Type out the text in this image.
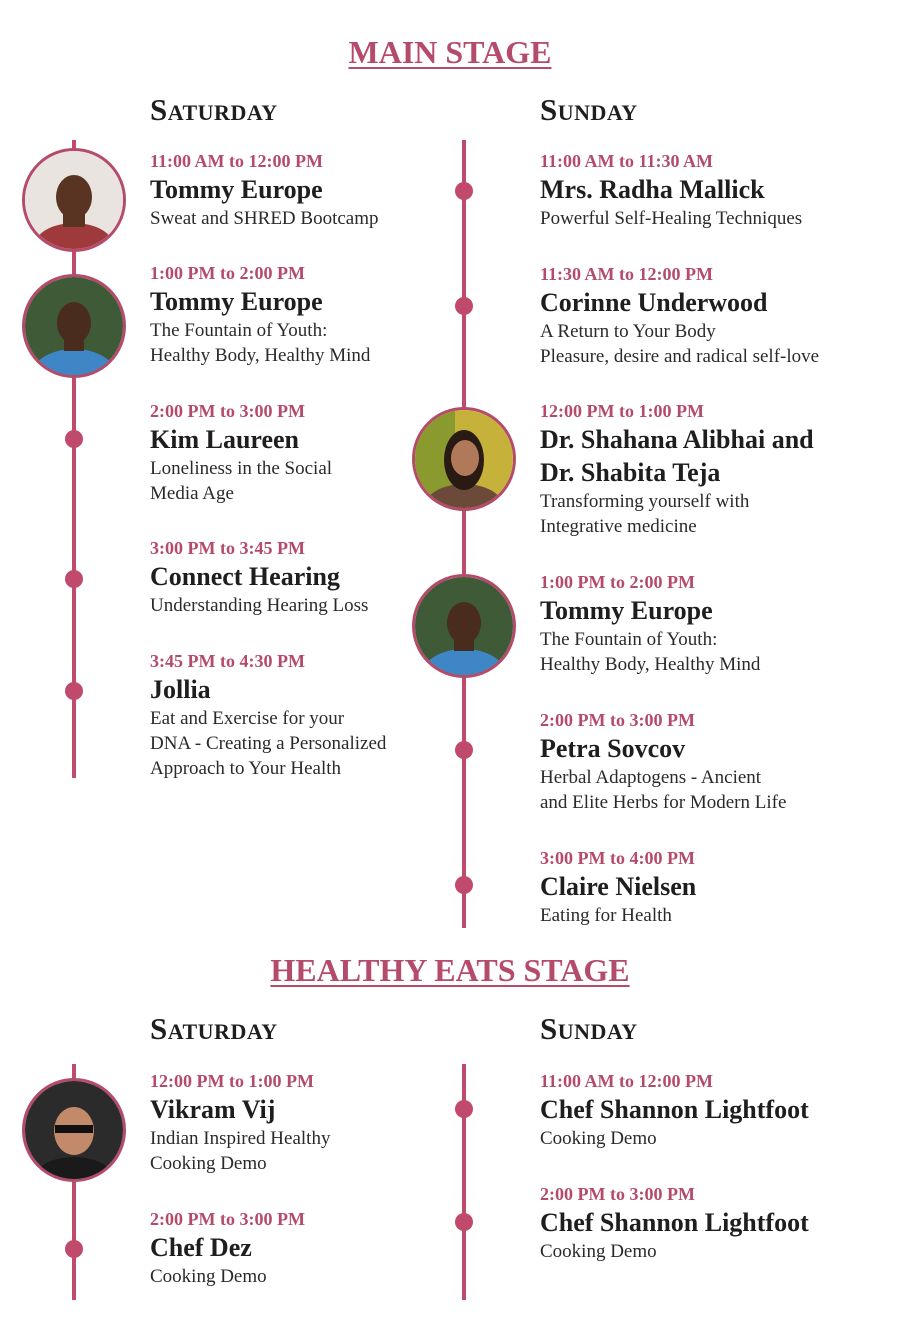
MAIN STAGE
Saturday	Sunday
11:00 AM to 12:00 PM
Tommy Europe
Sweat and SHRED Bootcamp
1:00 PM to 2:00 PM
Tommy Europe
The Fountain of Youth:
Healthy Body, Healthy Mind
2:00 PM to 3:00 PM
Kim Laureen
Loneliness in the Social
Media Age
3:00 PM to 3:45 PM
Connect Hearing
Understanding Hearing Loss
3:45 PM to 4:30 PM
Jollia
Eat and Exercise for your
DNA - Creating a Personalized
Approach to Your Health
11:00 AM to 11:30 AM
Mrs. Radha Mallick
Powerful Self-Healing Techniques
11:30 AM to 12:00 PM
Corinne Underwood
A Return to Your Body
Pleasure, desire and radical self-love
12:00 PM to 1:00 PM
Dr. Shahana Alibhai and
Dr. Shabita Teja
Transforming yourself with
Integrative medicine
1:00 PM to 2:00 PM
Tommy Europe
The Fountain of Youth:
Healthy Body, Healthy Mind
2:00 PM to 3:00 PM
Petra Sovcov
Herbal Adaptogens - Ancient
and Elite Herbs for Modern Life
3:00 PM to 4:00 PM
Claire Nielsen
Eating for Health
HEALTHY EATS STAGE
Saturday	Sunday
12:00 PM to 1:00 PM
Vikram Vij
Indian Inspired Healthy
Cooking Demo
2:00 PM to 3:00 PM
Chef Dez
Cooking Demo
11:00 AM to 12:00 PM
Chef Shannon Lightfoot
Cooking Demo
2:00 PM to 3:00 PM
Chef Shannon Lightfoot
Cooking Demo
